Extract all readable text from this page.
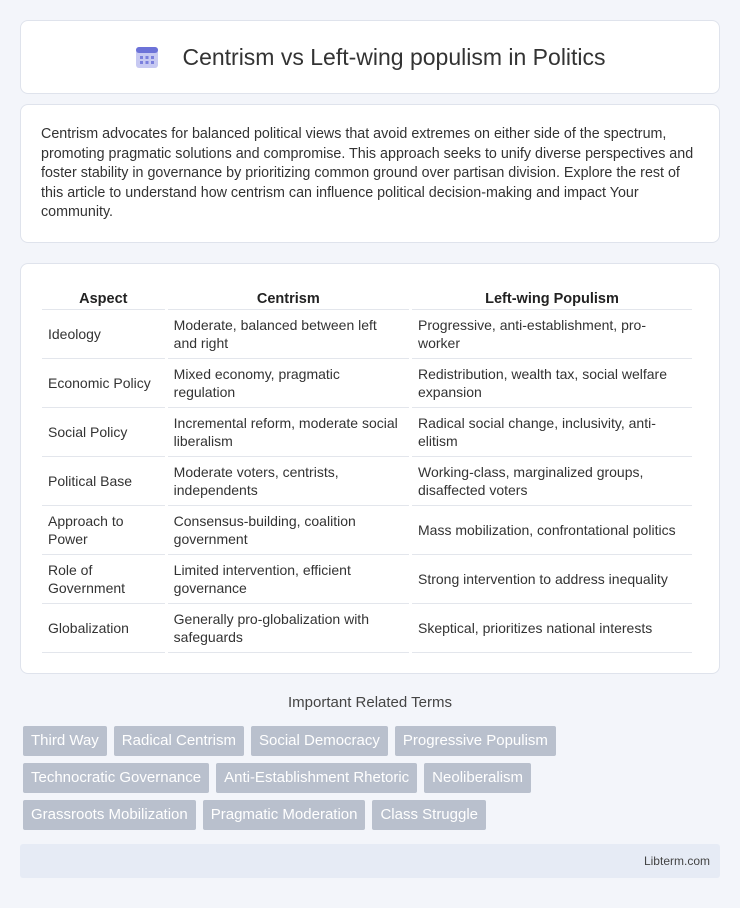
Centrism vs Left-wing populism in Politics

Centrism advocates for balanced political views that avoid extremes on either side of the spectrum, promoting pragmatic solutions and compromise. This approach seeks to unify diverse perspectives and foster stability in governance by prioritizing common ground over partisan division. Explore the rest of this article to understand how centrism can influence political decision-making and impact Your community.

Aspect	Centrism	Left-wing Populism
Ideology	Moderate, balanced between left and right	Progressive, anti-establishment, pro-worker
Economic Policy	Mixed economy, pragmatic regulation	Redistribution, wealth tax, social welfare expansion
Social Policy	Incremental reform, moderate social liberalism	Radical social change, inclusivity, anti-elitism
Political Base	Moderate voters, centrists, independents	Working-class, marginalized groups, disaffected voters
Approach to Power	Consensus-building, coalition government	Mass mobilization, confrontational politics
Role of Government	Limited intervention, efficient governance	Strong intervention to address inequality
Globalization	Generally pro-globalization with safeguards	Skeptical, prioritizes national interests
Important Related Terms
Third Way	Radical Centrism	Social Democracy	Progressive Populism
Technocratic Governance	Anti-Establishment Rhetoric	Neoliberalism
Grassroots Mobilization	Pragmatic Moderation	Class Struggle
Libterm.com
